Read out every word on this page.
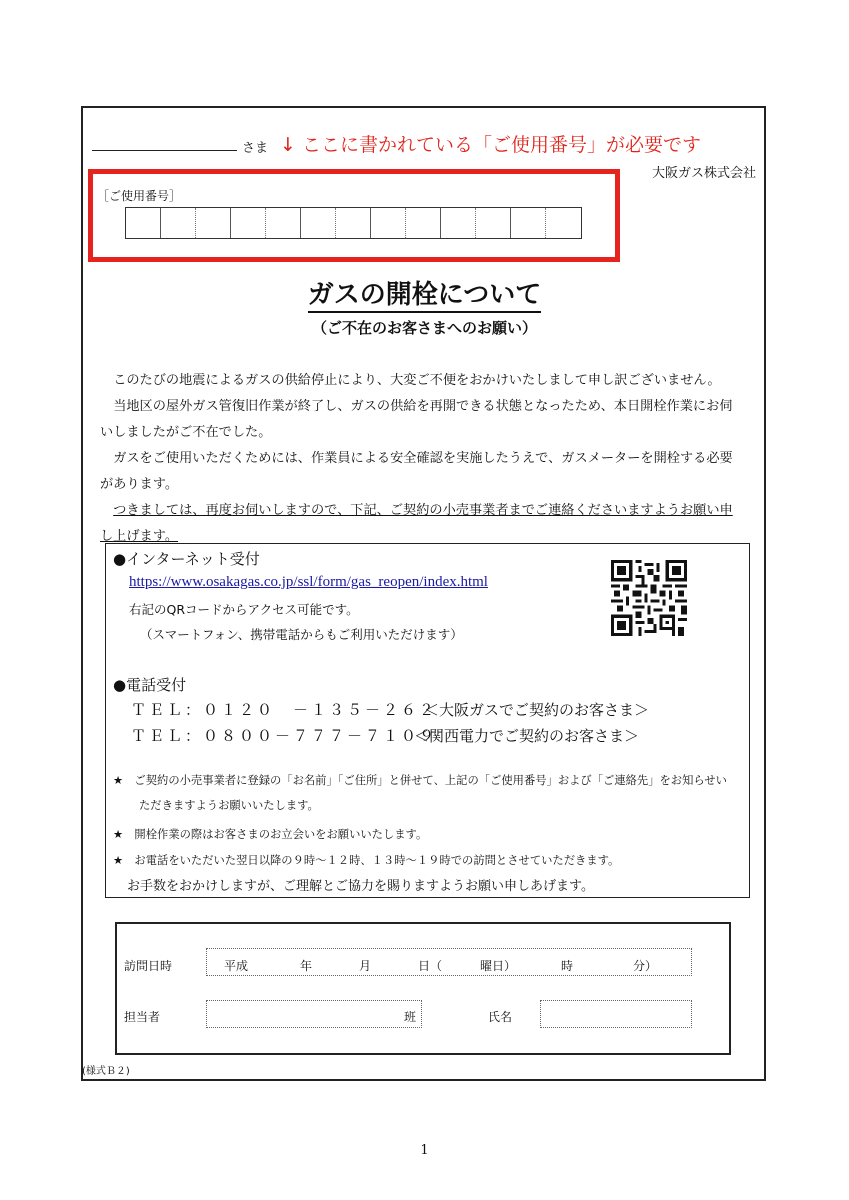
さま ↓ ここに書かれている「ご使用番号」が必要です
大阪ガス株式会社
［ご使用番号］
ガスの開栓について
（ご不在のお客さまへのお願い）
このたびの地震によるガスの供給停止により、大変ご不便をおかけいたしまして申し訳ございません。
当地区の屋外ガス管復旧作業が終了し、ガスの供給を再開できる状態となったため、本日開栓作業にお伺いしましたがご不在でした。
ガスをご使用いただくためには、作業員による安全確認を実施したうえで、ガスメーターを開栓する必要があります。
つきましては、再度お伺いしますので、下記、ご契約の小売事業者までご連絡くださいますようお願い申し上げます。
●インターネット受付
https://www.osakagas.co.jp/ssl/form/gas_reopen/index.html
右記のQRコードからアクセス可能です。
（スマートフォン、携帯電話からもご利用いただけます）
●電話受付
ＴＥＬ：０１２０　－１３５－２６２
＜大阪ガスでご契約のお客さま＞
ＴＥＬ：０８００－７７７－７１０９
＜関西電力でご契約のお客さま＞
★　ご契約の小売事業者に登録の「お名前」「ご住所」と併せて、上記の「ご使用番号」および「ご連絡先」をお知らせい
ただきますようお願いいたします。
★　開栓作業の際はお客さまのお立会いをお願いいたします。
★　お電話をいただいた翌日以降の９時～１２時、１３時～１９時での訪問とさせていただきます。
お手数をおかけしますが、ご理解とご協力を賜りますようお願い申しあげます。
訪問日時	平成	年	月	日（	曜日）	時	分）
担当者	班	氏名
(様式Ｂ２)
1
